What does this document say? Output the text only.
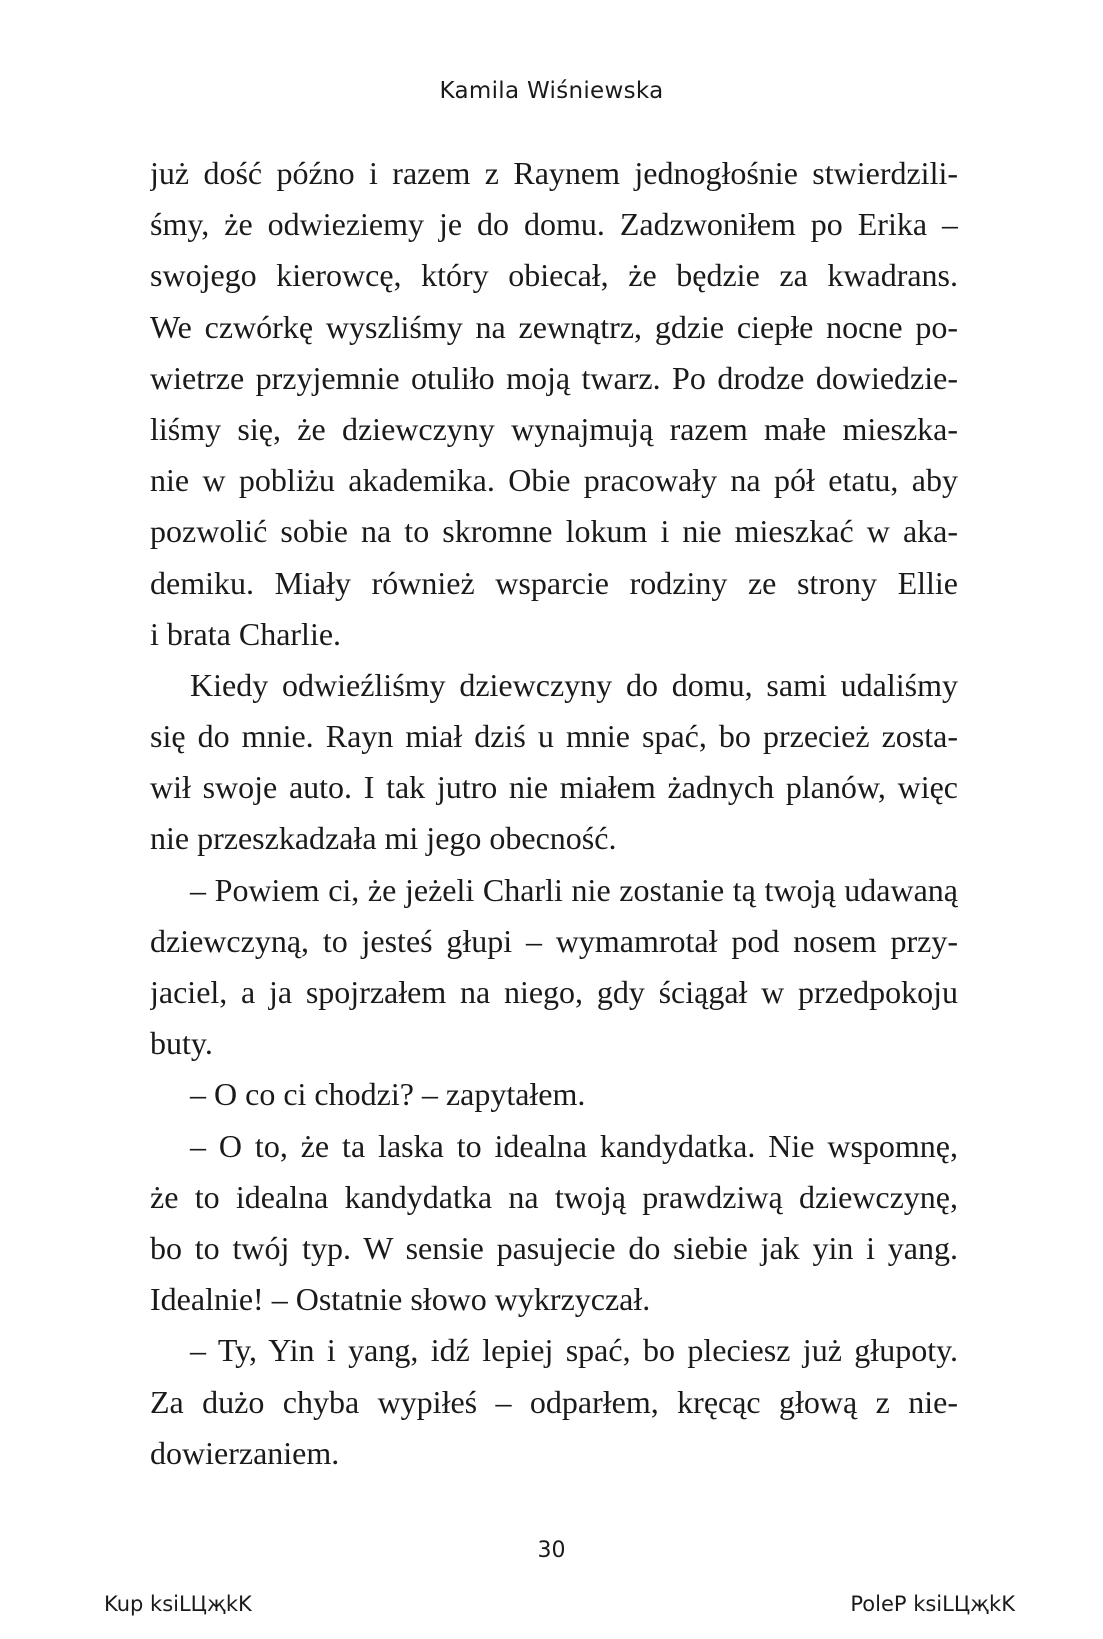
Kamila Wiśniewska
już dość późno i razem z Raynem jednogłośnie stwierdzili-
śmy, że odwieziemy je do domu. Zadzwoniłem po Erika –
swojego kierowcę, który obiecał, że będzie za kwadrans.
We czwórkę wyszliśmy na zewnątrz, gdzie ciepłe nocne po-
wietrze przyjemnie otuliło moją twarz. Po drodze dowiedzie-
liśmy się, że dziewczyny wynajmują razem małe mieszka-
nie w pobliżu akademika. Obie pracowały na pół etatu, aby
pozwolić sobie na to skromne lokum i nie mieszkać w aka-
demiku. Miały również wsparcie rodziny ze strony Ellie
i brata Charlie.
Kiedy odwieźliśmy dziewczyny do domu, sami udaliśmy
się do mnie. Rayn miał dziś u mnie spać, bo przecież zosta-
wił swoje auto. I tak jutro nie miałem żadnych planów, więc
nie przeszkadzała mi jego obecność.
– Powiem ci, że jeżeli Charli nie zostanie tą twoją udawaną
dziewczyną, to jesteś głupi – wymamrotał pod nosem przy-
jaciel, a ja spojrzałem na niego, gdy ściągał w przedpokoju
buty.
– O co ci chodzi? – zapytałem.
– O to, że ta laska to idealna kandydatka. Nie wspomnę,
że to idealna kandydatka na twoją prawdziwą dziewczynę,
bo to twój typ. W sensie pasujecie do siebie jak yin i yang.
Idealnie! – Ostatnie słowo wykrzyczał.
– Ty, Yin i yang, idź lepiej spać, bo pleciesz już głupoty.
Za dużo chyba wypiłeś – odparłem, kręcąc głową z nie-
dowierzaniem.
30
Kup ksiLЦҗkK	PoleP ksiLЦҗkK
